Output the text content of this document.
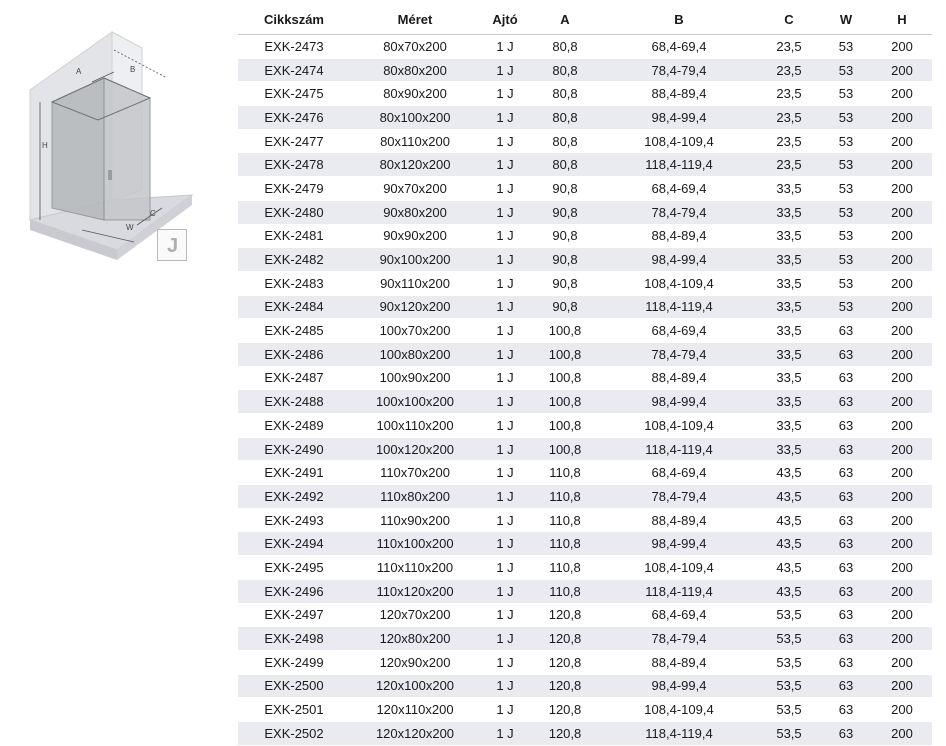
A	B
C
W
H
J
Cikkszám	Méret	Ajtó	A	B	C	W	H
EXK-2473	80x70x200	1 J	80,8	68,4-69,4	23,5	53	200
EXK-2474	80x80x200	1 J	80,8	78,4-79,4	23,5	53	200
EXK-2475	80x90x200	1 J	80,8	88,4-89,4	23,5	53	200
EXK-2476	80x100x200	1 J	80,8	98,4-99,4	23,5	53	200
EXK-2477	80x110x200	1 J	80,8	108,4-109,4	23,5	53	200
EXK-2478	80x120x200	1 J	80,8	118,4-119,4	23,5	53	200
EXK-2479	90x70x200	1 J	90,8	68,4-69,4	33,5	53	200
EXK-2480	90x80x200	1 J	90,8	78,4-79,4	33,5	53	200
EXK-2481	90x90x200	1 J	90,8	88,4-89,4	33,5	53	200
EXK-2482	90x100x200	1 J	90,8	98,4-99,4	33,5	53	200
EXK-2483	90x110x200	1 J	90,8	108,4-109,4	33,5	53	200
EXK-2484	90x120x200	1 J	90,8	118,4-119,4	33,5	53	200
EXK-2485	100x70x200	1 J	100,8	68,4-69,4	33,5	63	200
EXK-2486	100x80x200	1 J	100,8	78,4-79,4	33,5	63	200
EXK-2487	100x90x200	1 J	100,8	88,4-89,4	33,5	63	200
EXK-2488	100x100x200	1 J	100,8	98,4-99,4	33,5	63	200
EXK-2489	100x110x200	1 J	100,8	108,4-109,4	33,5	63	200
EXK-2490	100x120x200	1 J	100,8	118,4-119,4	33,5	63	200
EXK-2491	110x70x200	1 J	110,8	68,4-69,4	43,5	63	200
EXK-2492	110x80x200	1 J	110,8	78,4-79,4	43,5	63	200
EXK-2493	110x90x200	1 J	110,8	88,4-89,4	43,5	63	200
EXK-2494	110x100x200	1 J	110,8	98,4-99,4	43,5	63	200
EXK-2495	110x110x200	1 J	110,8	108,4-109,4	43,5	63	200
EXK-2496	110x120x200	1 J	110,8	118,4-119,4	43,5	63	200
EXK-2497	120x70x200	1 J	120,8	68,4-69,4	53,5	63	200
EXK-2498	120x80x200	1 J	120,8	78,4-79,4	53,5	63	200
EXK-2499	120x90x200	1 J	120,8	88,4-89,4	53,5	63	200
EXK-2500	120x100x200	1 J	120,8	98,4-99,4	53,5	63	200
EXK-2501	120x110x200	1 J	120,8	108,4-109,4	53,5	63	200
EXK-2502	120x120x200	1 J	120,8	118,4-119,4	53,5	63	200
